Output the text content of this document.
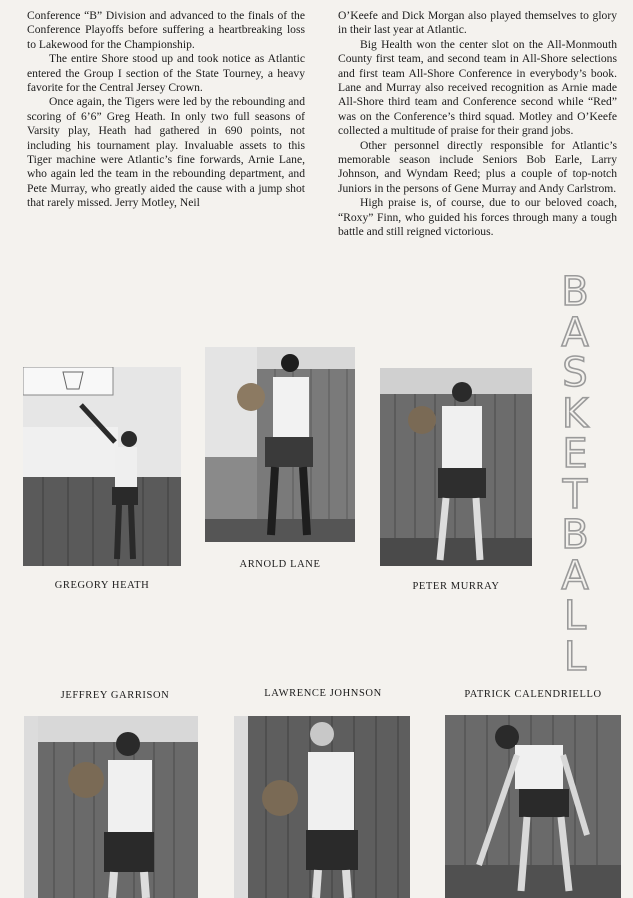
Conference “B” Division and advanced to the finals of the Conference Playoffs before suffering a heartbreaking loss to Lakewood for the Championship.

The entire Shore stood up and took notice as Atlantic entered the Group I section of the State Tourney, a heavy favorite for the Central Jersey Crown.

Once again, the Tigers were led by the rebounding and scoring of 6’6” Greg Heath. In only two full seasons of Varsity play, Heath had gathered in 690 points, not including his tournament play. Invaluable assets to this Tiger machine were Atlantic’s fine forwards, Arnie Lane, who again led the team in the rebounding department, and Pete Murray, who greatly aided the cause with a jump shot that rarely missed. Jerry Motley, Neil

O’Keefe and Dick Morgan also played themselves to glory in their last year at Atlantic.

Big Health won the center slot on the All-Monmouth County first team, and second team in All-Shore selections and first team All-Shore Conference in everybody’s book. Lane and Murray also received recognition as Arnie made All-Shore third team and Conference second while “Red” was on the Conference’s third squad. Motley and O’Keefe collected a multitude of praise for their grand jobs.

Other personnel directly responsible for Atlantic’s memorable season include Seniors Bob Earle, Larry Johnson, and Wyndam Reed; plus a couple of top-notch Juniors in the persons of Gene Murray and Andy Carlstrom.

High praise is, of course, due to our beloved coach, “Roxy” Finn, who guided his forces through many a tough battle and still reigned victorious.

B
A
S
K
E
T
B
A
L
L
GREGORY HEATH
ARNOLD LANE
PETER MURRAY
JEFFREY GARRISON	LAWRENCE JOHNSON	PATRICK CALENDRIELLO
